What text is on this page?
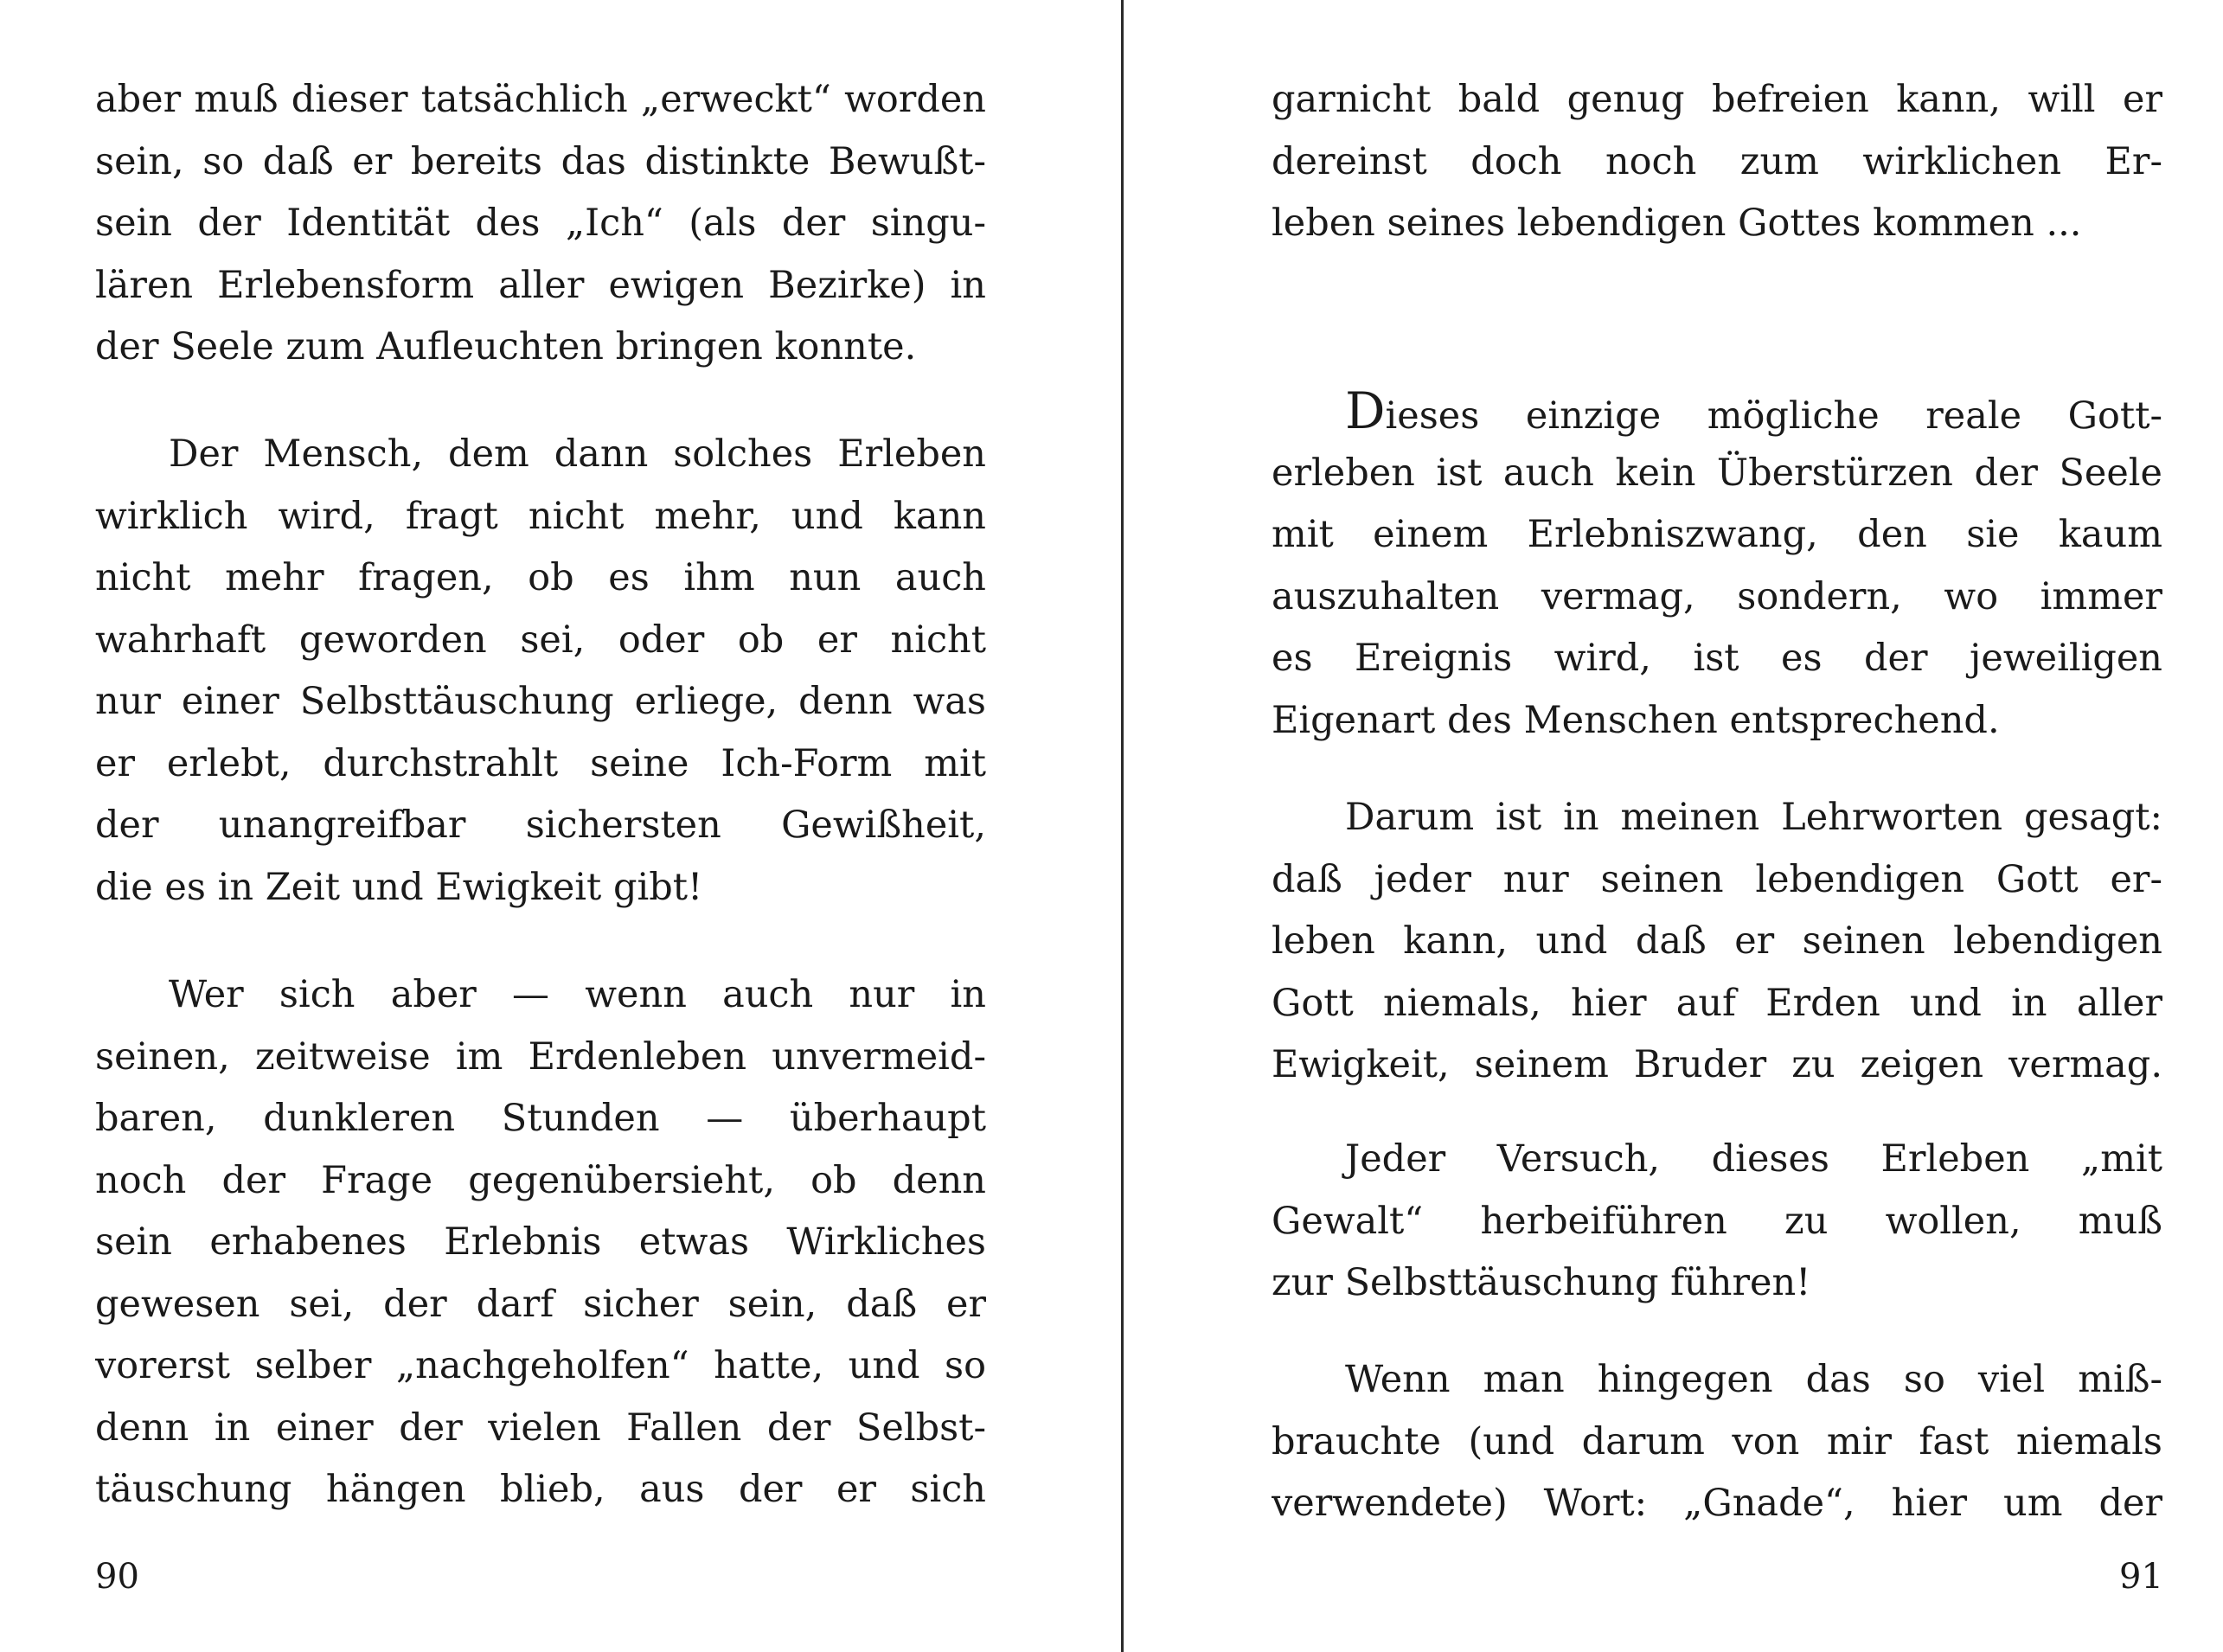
aber muß dieser tatsächlich „erweckt“ worden
sein, so daß er bereits das distinkte Bewußt-
sein der Identität des „Ich“ (als der singu-
lären Erlebensform aller ewigen Bezirke) in
der Seele zum Aufleuchten bringen konnte.
Der Mensch, dem dann solches Erleben
wirklich wird, fragt nicht mehr, und kann
nicht mehr fragen, ob es ihm nun auch
wahrhaft geworden sei, oder ob er nicht
nur einer Selbsttäuschung erliege, denn was
er erlebt, durchstrahlt seine Ich-Form mit
der unangreifbar sichersten Gewißheit,
die es in Zeit und Ewigkeit gibt!
Wer sich aber — wenn auch nur in
seinen, zeitweise im Erdenleben unvermeid-
baren, dunkleren Stunden — überhaupt
noch der Frage gegenübersieht, ob denn
sein erhabenes Erlebnis etwas Wirkliches
gewesen sei, der darf sicher sein, daß er
vorerst selber „nachgeholfen“ hatte, und so
denn in einer der vielen Fallen der Selbst-
täuschung hängen blieb, aus der er sich
90
garnicht bald genug befreien kann, will er
dereinst doch noch zum wirklichen Er-
leben seines lebendigen Gottes kommen ...
Dieses einzige mögliche reale Gott-
erleben ist auch kein Überstürzen der Seele
mit einem Erlebniszwang, den sie kaum
auszuhalten vermag, sondern, wo immer
es Ereignis wird, ist es der jeweiligen
Eigenart des Menschen entsprechend.
Darum ist in meinen Lehrworten gesagt:
daß jeder nur seinen lebendigen Gott er-
leben kann, und daß er seinen lebendigen
Gott niemals, hier auf Erden und in aller
Ewigkeit, seinem Bruder zu zeigen vermag.
Jeder Versuch, dieses Erleben „mit
Gewalt“ herbeiführen zu wollen, muß
zur Selbsttäuschung führen!
Wenn man hingegen das so viel miß-
brauchte (und darum von mir fast niemals
verwendete) Wort: „Gnade“, hier um der
91
